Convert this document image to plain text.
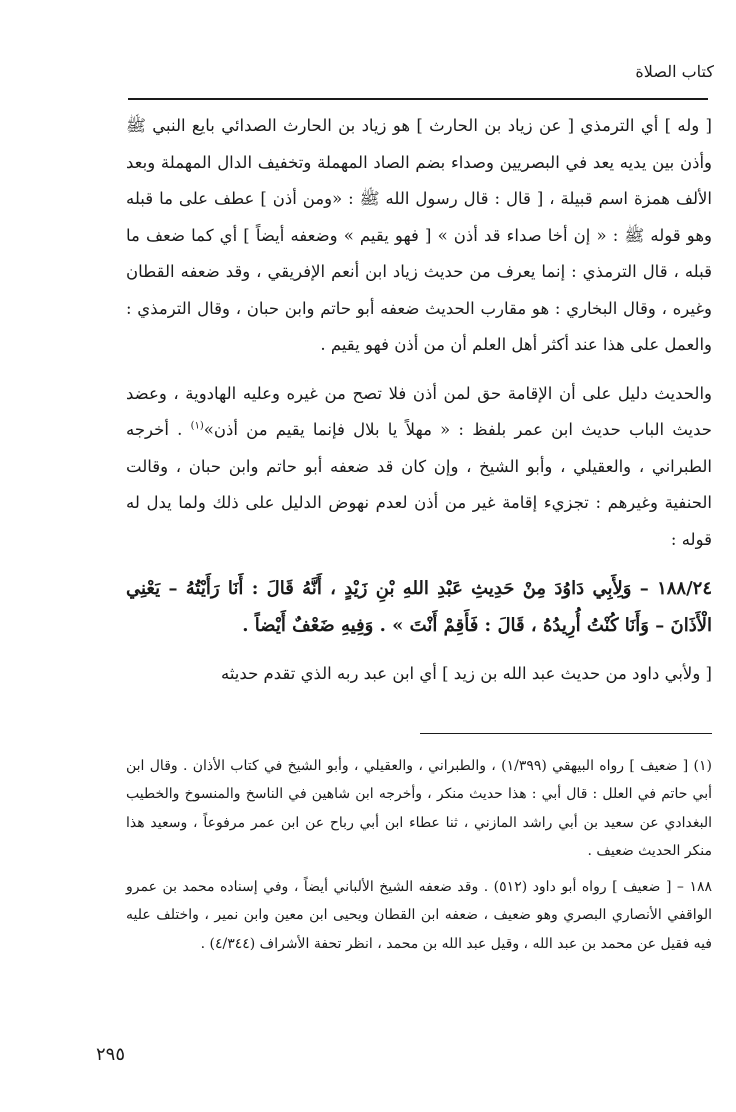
كتاب الصلاة

[ وله ] أي الترمذي [ عن زياد بن الحارث ] هو زياد بن الحارث الصدائي بايع النبي ﷺ وأذن بين يديه يعد في البصريين وصداء بضم الصاد المهملة وتخفيف الدال المهملة وبعد الألف همزة اسم قبيلة ، [ قال : قال رسول الله ﷺ : «ومن أذن ] عطف على ما قبله وهو قوله ﷺ : « إن أخا صداء قد أذن » [ فهو يقيم » وضعفه أيضاً ] أي كما ضعف ما قبله ، قال الترمذي : إنما يعرف من حديث زياد ابن أنعم الإفريقي ، وقد ضعفه القطان وغيره ، وقال البخاري : هو مقارب الحديث ضعفه أبو حاتم وابن حبان ، وقال الترمذي : والعمل على هذا عند أكثر أهل العلم أن من أذن فهو يقيم .

والحديث دليل على أن الإقامة حق لمن أذن فلا تصح من غيره وعليه الهادوية ، وعضد حديث الباب حديث ابن عمر بلفظ : « مهلاً يا بلال فإنما يقيم من أذن»$^{(١)}$ . أخرجه الطبراني ، والعقيلي ، وأبو الشيخ ، وإن كان قد ضعفه أبو حاتم وابن حبان ، وقالت الحنفية وغيرهم : تجزيء إقامة غير من أذن لعدم نهوض الدليل على ذلك ولما يدل له قوله :

١٨٨/٢٤ – وَلِأَبِي دَاوُدَ مِنْ حَدِيثِ عَبْدِ اللهِ بْنِ زَيْدٍ ، أَنَّهُ قَالَ : أَنَا رَأَيْتُهُ – يَعْنِي الْأَذَانَ – وَأَنَا كُنْتُ أُرِيدُهُ ، قَالَ : فَأَقِمْ أَنْتَ » . وَفِيهِ ضَعْفٌ أَيْضاً .

[ ولأبي داود من حديث عبد الله بن زيد ] أي ابن عبد ربه الذي تقدم حديثه

(١) [ ضعيف ] رواه البيهقي (١/٣٩٩) ، والطبراني ، والعقيلي ، وأبو الشيخ في كتاب الأذان . وقال ابن أبي حاتم في العلل : قال أبي : هذا حديث منكر ، وأخرجه ابن شاهين في الناسخ والمنسوخ والخطيب البغدادي عن سعيد بن أبي راشد المازني ، ثنا عطاء ابن أبي رباح عن ابن عمر مرفوعاً ، وسعيد هذا منكر الحديث ضعيف .

١٨٨ – [ ضعيف ] رواه أبو داود (٥١٢) . وقد ضعفه الشيخ الألباني أيضاً ، وفي إسناده محمد بن عمرو الواقفي الأنصاري البصري وهو ضعيف ، ضعفه ابن القطان ويحيى ابن معين وابن نمير ، واختلف عليه فيه فقيل عن محمد بن عبد الله ، وقيل عبد الله بن محمد ، انظر تحفة الأشراف (٤/٣٤٤) .

٢٩٥
